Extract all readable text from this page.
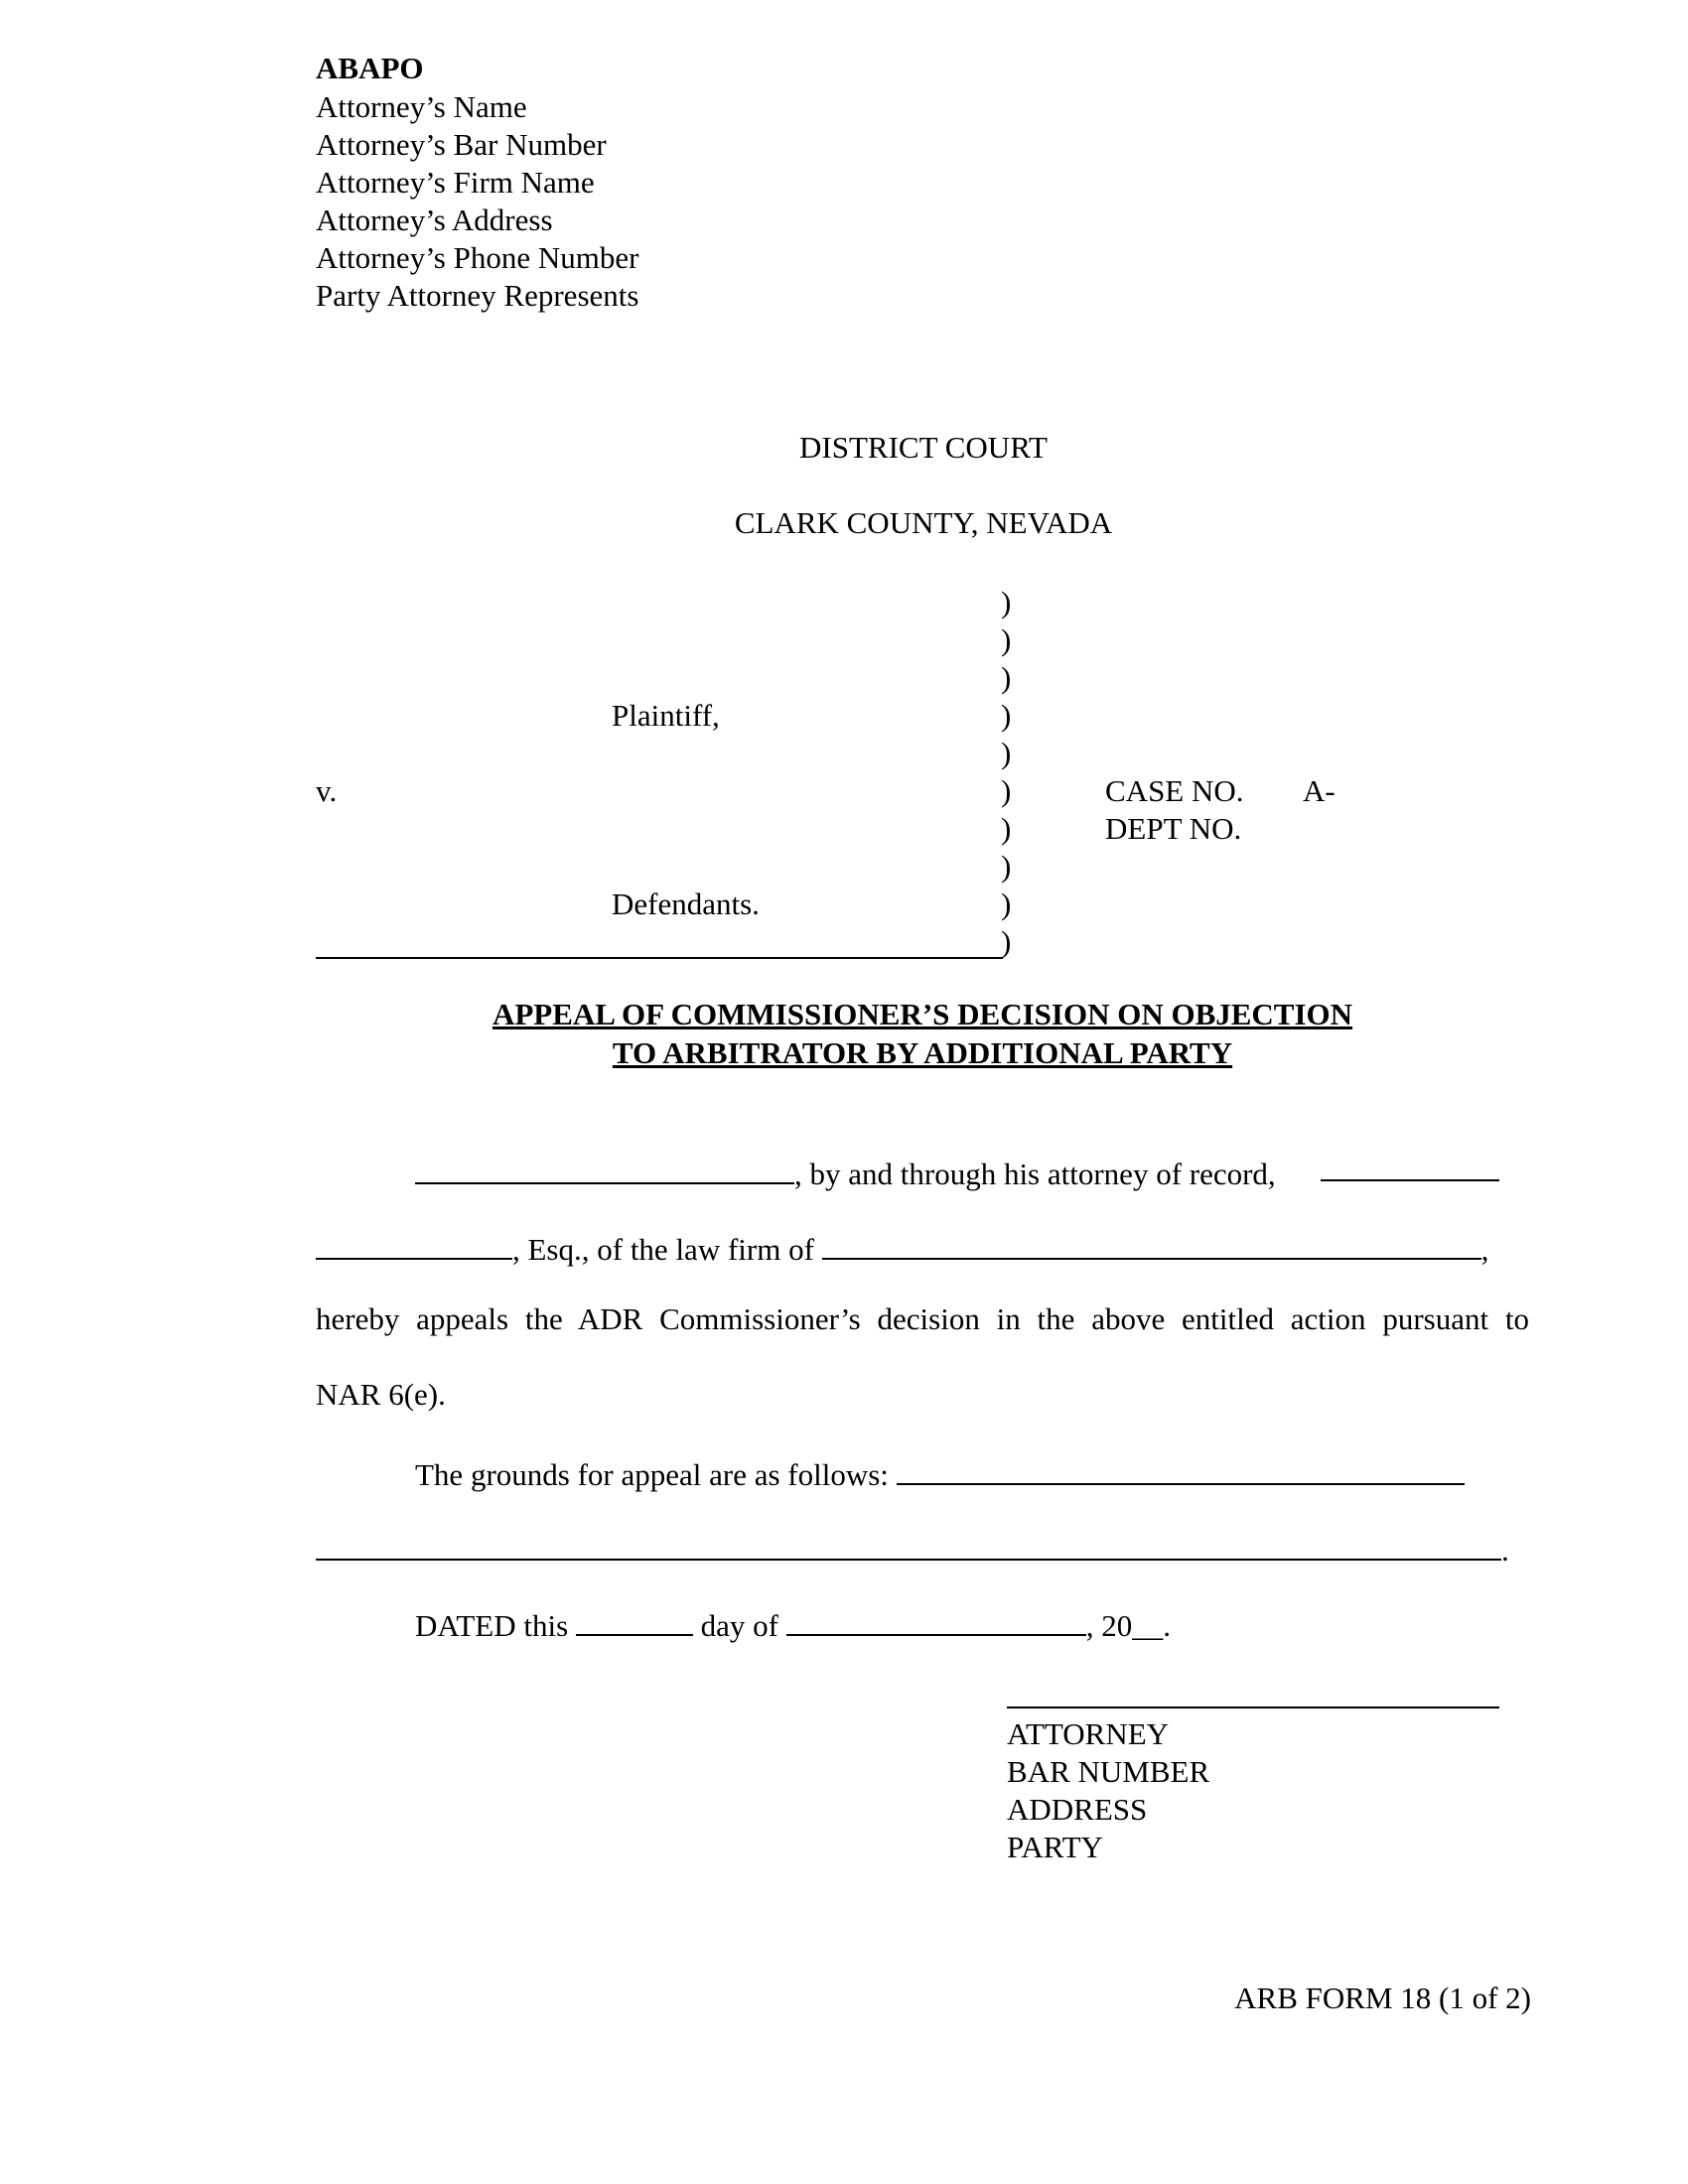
ABAPO
Attorney’s Name
Attorney’s Bar Number
Attorney’s Firm Name
Attorney’s Address
Attorney’s Phone Number
Party Attorney Represents
DISTRICT COURT
CLARK COUNTY, NEVADA
)
)
)
)
)
)
)
)
)
)
Plaintiff,
v.
Defendants.
CASE NO. A-
DEPT NO.
APPEAL OF COMMISSIONER’S DECISION ON OBJECTION
TO ARBITRATOR BY ADDITIONAL PARTY
, by and through his attorney of record,
, Esq., of the law firm of	,
hereby appeals the ADR Commissioner’s decision in the above entitled action pursuant to
NAR 6(e).
The grounds for appeal are as follows:
.
DATED this	day of	, 20__.
ATTORNEY
BAR NUMBER
ADDRESS
PARTY
ARB FORM 18 (1 of 2)
